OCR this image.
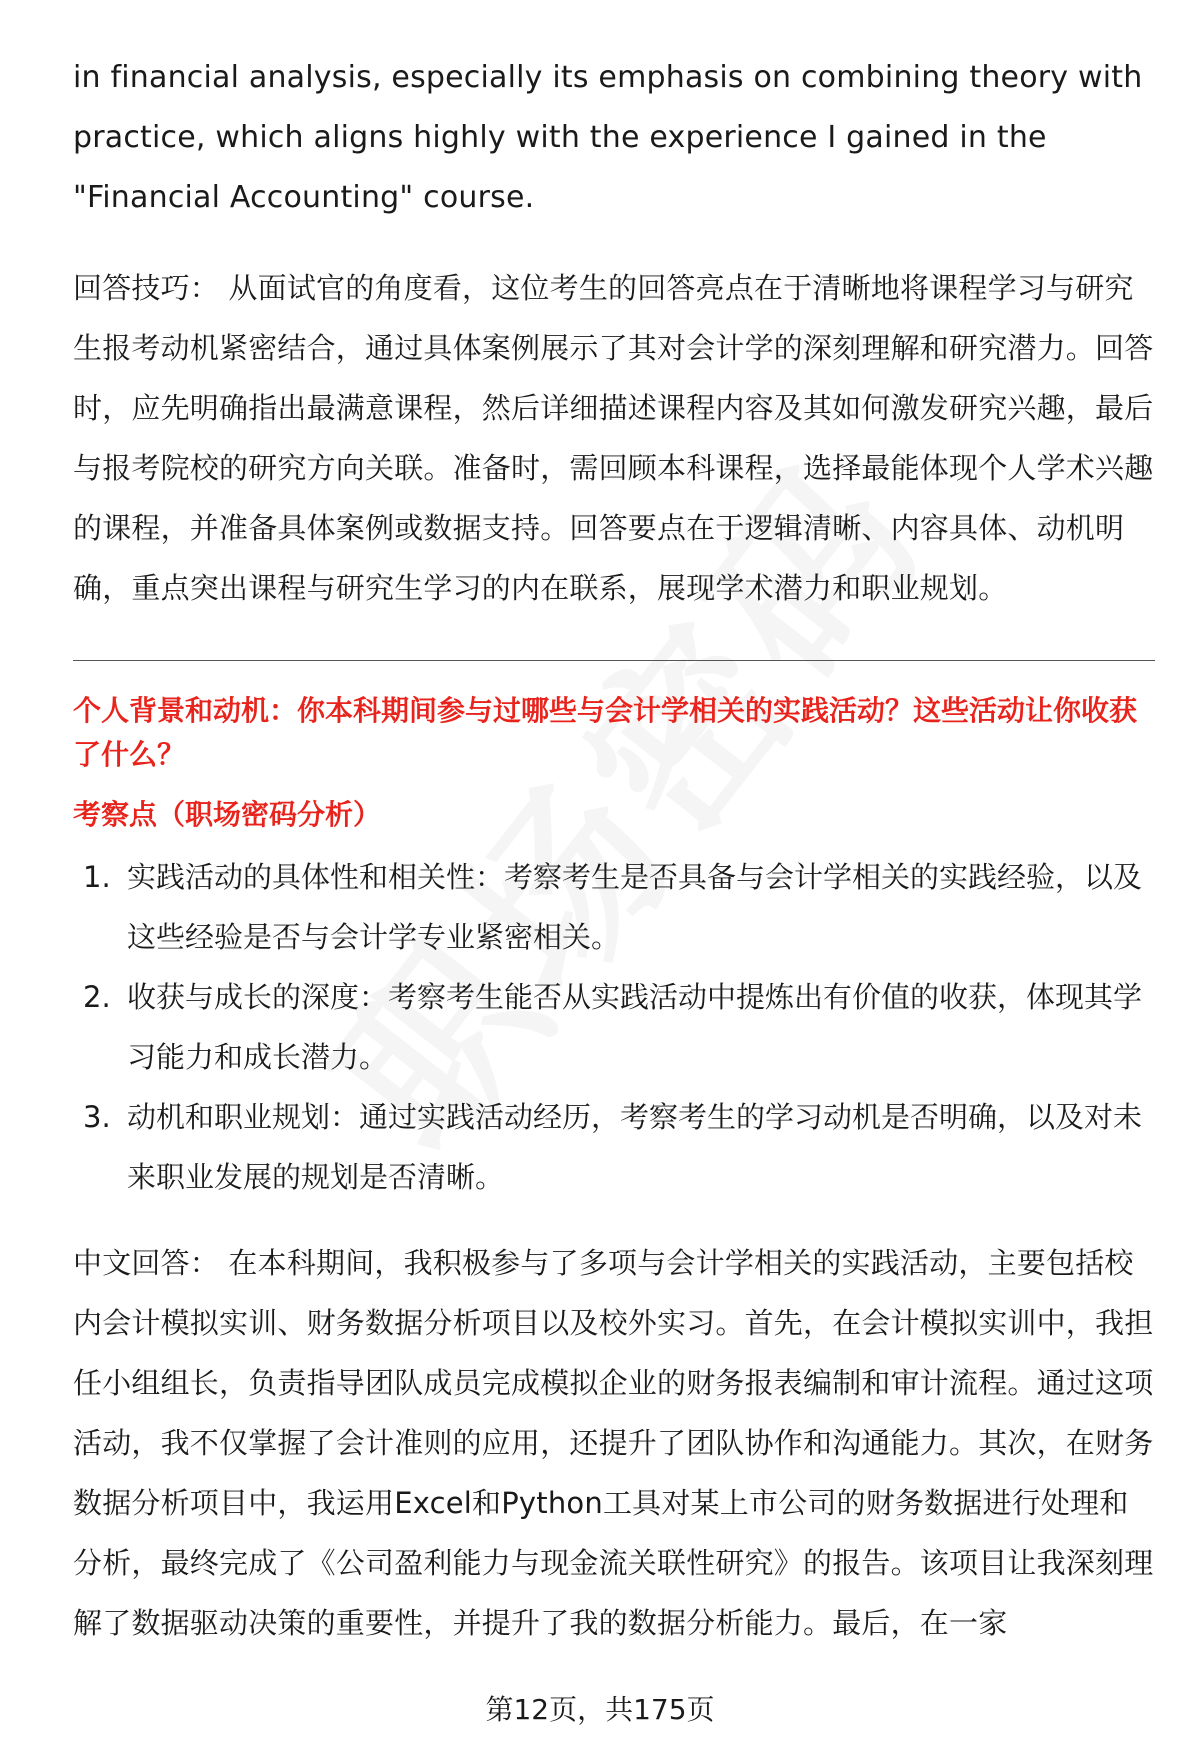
in financial analysis, especially its emphasis on combining theory with practice, which aligns highly with the experience I gained in the "Financial Accounting" course.

回答技巧： 从面试官的角度看，这位考生的回答亮点在于清晰地将课程学习与研究生报考动机紧密结合，通过具体案例展示了其对会计学的深刻理解和研究潜力。回答时，应先明确指出最满意课程，然后详细描述课程内容及其如何激发研究兴趣，最后与报考院校的研究方向关联。准备时，需回顾本科课程，选择最能体现个人学术兴趣的课程，并准备具体案例或数据支持。回答要点在于逻辑清晰、内容具体、动机明确，重点突出课程与研究生学习的内在联系，展现学术潜力和职业规划。

个人背景和动机：你本科期间参与过哪些与会计学相关的实践活动？这些活动让你收获了什么？

考察点（职场密码分析）

1. 实践活动的具体性和相关性：考察考生是否具备与会计学相关的实践经验，以及这些经验是否与会计学专业紧密相关。
2. 收获与成长的深度：考察考生能否从实践活动中提炼出有价值的收获，体现其学习能力和成长潜力。
3. 动机和职业规划：通过实践活动经历，考察考生的学习动机是否明确，以及对未来职业发展的规划是否清晰。

中文回答： 在本科期间，我积极参与了多项与会计学相关的实践活动，主要包括校内会计模拟实训、财务数据分析项目以及校外实习。首先，在会计模拟实训中，我担任小组组长，负责指导团队成员完成模拟企业的财务报表编制和审计流程。通过这项活动，我不仅掌握了会计准则的应用，还提升了团队协作和沟通能力。其次，在财务数据分析项目中，我运用Excel和Python工具对某上市公司的财务数据进行处理和分析，最终完成了《公司盈利能力与现金流关联性研究》的报告。该项目让我深刻理解了数据驱动决策的重要性，并提升了我的数据分析能力。最后，在一家

第12页，共175页
